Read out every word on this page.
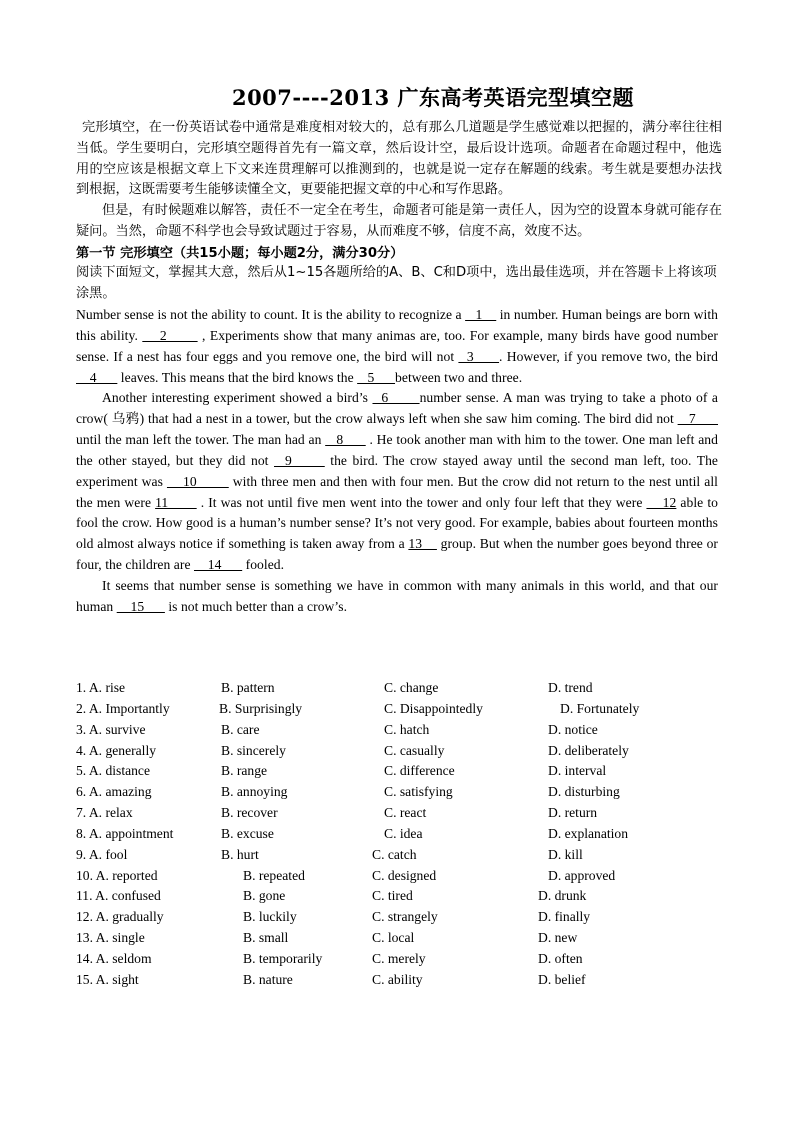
2007----2013 广东高考英语完型填空题

完形填空，在一份英语试卷中通常是难度相对较大的，总有那么几道题是学生感觉难以把握的，满分率往往相当低。学生要明白，完形填空题得首先有一篇文章，然后设计空，最后设计选项。命题者在命题过程中，他选用的空应该是根据文章上下文来连贯理解可以推测到的，也就是说一定存在解题的线索。考生就是要想办法找到根据，这既需要考生能够读懂全文，更要能把握文章的中心和写作思路。

但是，有时候题难以解答，责任不一定全在考生，命题者可能是第一责任人，因为空的设置本身就可能存在疑问。当然，命题不科学也会导致试题过于容易，从而难度不够，信度不高，效度不达。

第一节 完形填空（共15小题；每小题2分，满分30分）
阅读下面短文，掌握其大意，然后从1~15各题所给的A、B、C和D项中，选出最佳选项，并在答题卡上将该项涂黑。

Number sense is not the ability to count. It is the ability to recognize a    1     in number. Human beings are born with this ability.     2        , Experiments show that many animas are, too. For example, many birds have good number sense. If a nest has four eggs and you remove one, the bird will not   3      . However, if you remove two, the bird     4       leaves. This means that the bird knows the    5      between two and three.

Another interesting experiment showed a bird’s   6       number sense. A man was trying to take a photo of a crow( 乌鸦) that had a nest in a tower, but the crow always left when she saw him coming. The bird did not    7       until the man left the tower. The man had an    8       . He took another man with him to the tower. One man left and the other stayed, but they did not   9       the bird. The crow stayed away until the second man left, too. The experiment was     10         with three men and then with four men. But the crow did not return to the nest until all the men were 11        . It was not until five men went into the tower and only four left that they were     12 able to fool the crow. How good is a human’s number sense? It’s not very good. For example, babies about fourteen months old almost always notice if something is taken away from a 13     group. But when the number goes beyond three or four, the children are     14       fooled.

It seems that number sense is something we have in common with many animals in this world, and that our human     15       is not much better than a crow’s.

1. A. rise	B. pattern	C. change	D. trend
2. A. Importantly	B. Surprisingly	C. Disappointedly	D. Fortunately
3. A. survive	B. care	C. hatch	D. notice
4. A. generally	B. sincerely	C. casually	D. deliberately
5. A. distance	B. range	C. difference	D. interval
6. A. amazing	B. annoying	C. satisfying	D. disturbing
7. A. relax	B. recover	C. react	D. return
8. A. appointment	B. excuse	C. idea	D. explanation
9. A. fool	B. hurt	C. catch	D. kill
10. A. reported	B. repeated	C. designed	D. approved
11. A. confused	B. gone	C. tired	D. drunk
12. A. gradually	B. luckily	C. strangely	D. finally
13. A. single	B. small	C. local	D. new
14. A. seldom	B. temporarily	C. merely	D. often
15. A. sight	B. nature	C. ability	D. belief
